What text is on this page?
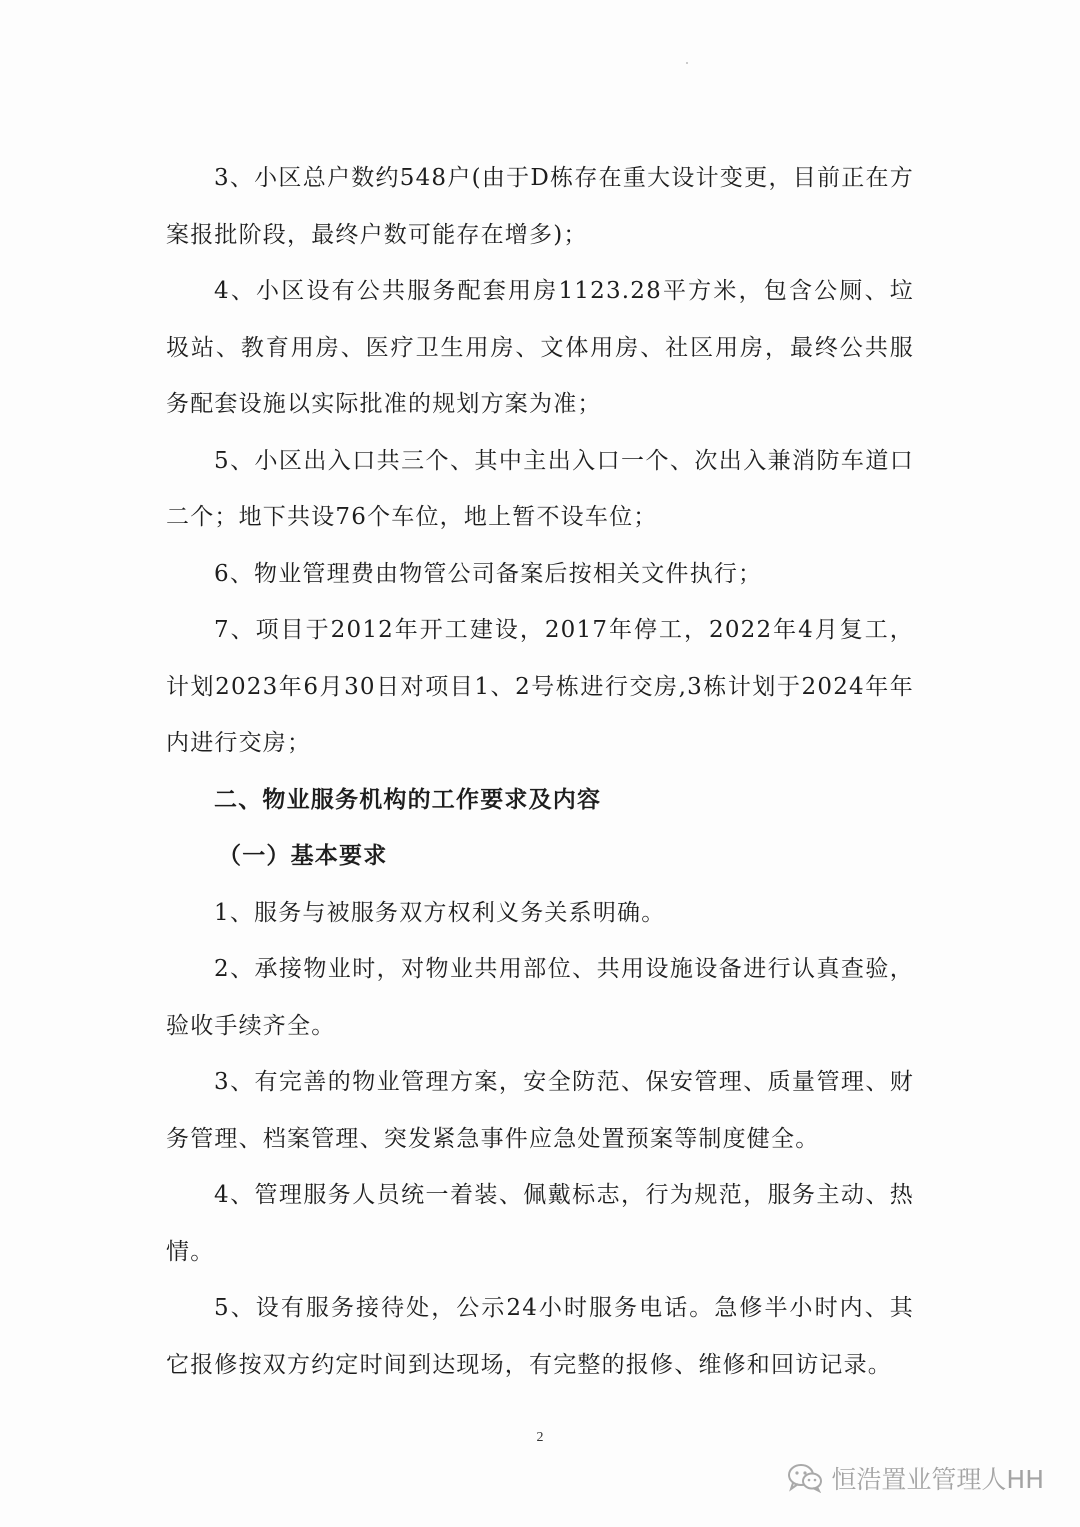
3、小区总户数约548户(由于D栋存在重大设计变更，目前正在方案报批阶段，最终户数可能存在增多)；

4、小区设有公共服务配套用房1123.28平方米，包含公厕、垃圾站、教育用房、医疗卫生用房、文体用房、社区用房，最终公共服务配套设施以实际批准的规划方案为准；

5、小区出入口共三个、其中主出入口一个、次出入兼消防车道口二个；地下共设76个车位，地上暂不设车位；

6、物业管理费由物管公司备案后按相关文件执行；

7、项目于2012年开工建设，2017年停工，2022年4月复工，计划2023年6月30日对项目1、2号栋进行交房,3栋计划于2024年年内进行交房；

二、物业服务机构的工作要求及内容

（一）基本要求

1、服务与被服务双方权利义务关系明确。

2、承接物业时，对物业共用部位、共用设施设备进行认真查验，验收手续齐全。

3、有完善的物业管理方案，安全防范、保安管理、质量管理、财务管理、档案管理、突发紧急事件应急处置预案等制度健全。

4、管理服务人员统一着装、佩戴标志，行为规范，服务主动、热情。

5、设有服务接待处，公示24小时服务电话。急修半小时内、其它报修按双方约定时间到达现场，有完整的报修、维修和回访记录。

2
恒浩置业管理人HH
